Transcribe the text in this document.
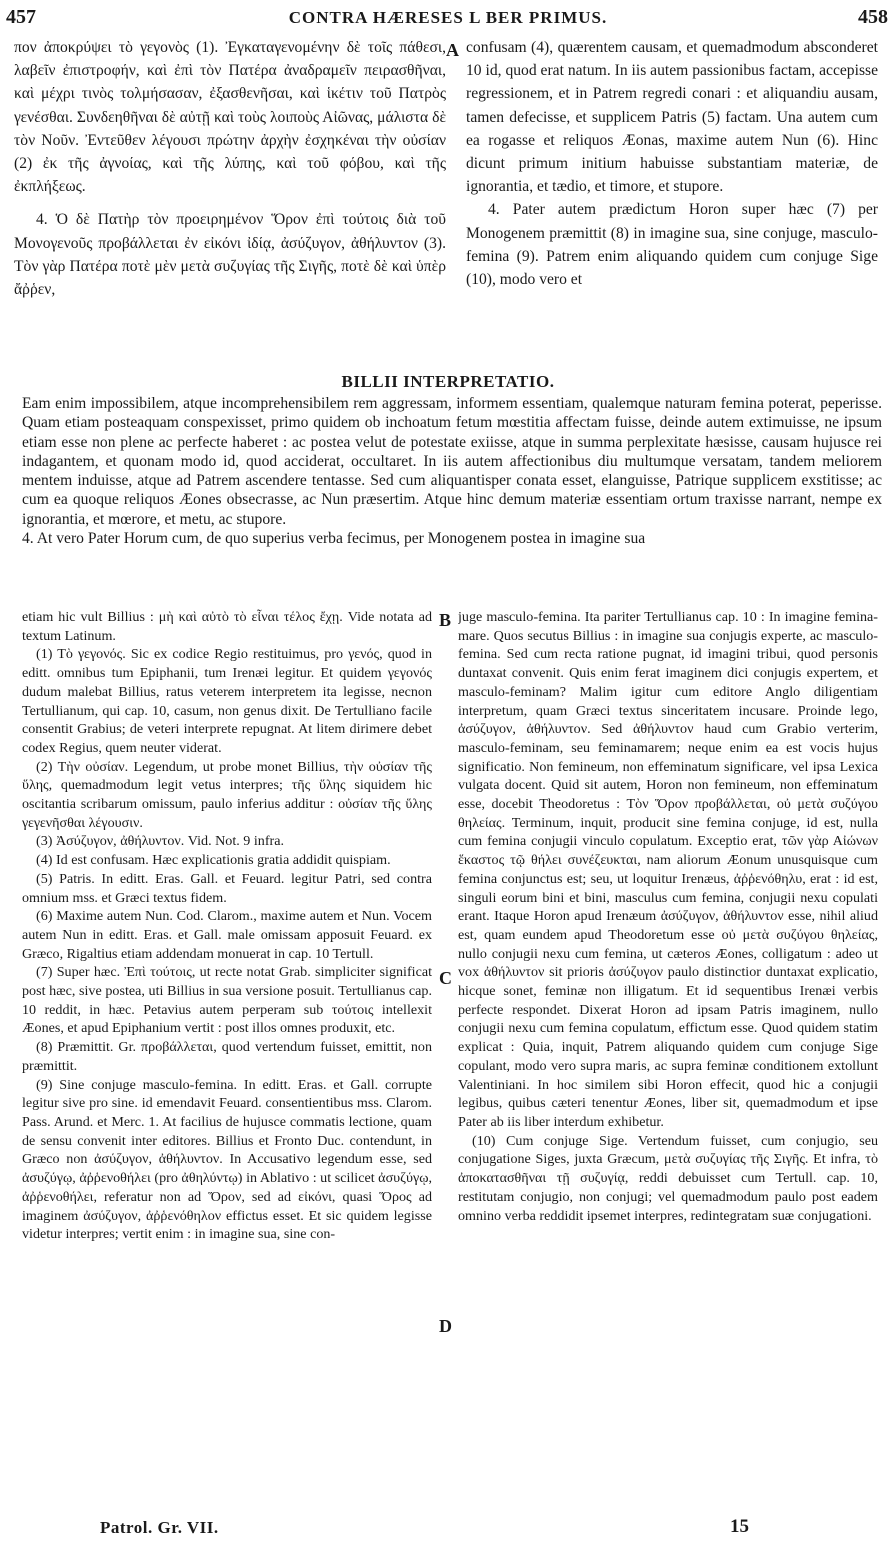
457	CONTRA HÆRESES L BER PRIMUS.	458

πον ἀποκρύψει τὸ γεγονὸς (1). Ἐγκαταγενομένην δὲ τοῖς πάθεσι, λαβεῖν ἐπιστροφήν, καὶ ἐπὶ τὸν Πατέρα ἀναδραμεῖν πειρασθῆναι, καὶ μέχρι τινὸς τολμήσασαν, ἐξασθενῆσαι, καὶ ἱκέτιν τοῦ Πατρὸς γενέσθαι. Συνδεηθῆναι δὲ αὐτῇ καὶ τοὺς λοιποὺς Αἰῶνας, μάλιστα δὲ τὸν Νοῦν. Ἐντεῦθεν λέγουσι πρώτην ἀρχὴν ἐσχηκέναι τὴν οὐσίαν (2) ἐκ τῆς ἀγνοίας, καὶ τῆς λύπης, καὶ τοῦ φόβου, καὶ τῆς ἐκπλήξεως.

4. Ὁ δὲ Πατὴρ τὸν προειρημένον Ὅρον ἐπὶ τούτοις διὰ τοῦ Μονογενοῦς προβάλλεται ἐν εἰκόνι ἰδίᾳ, ἀσύζυγον, ἀθήλυντον (3). Τὸν γὰρ Πατέρα ποτὲ μὲν μετὰ συζυγίας τῆς Σιγῆς, ποτὲ δὲ καὶ ὑπὲρ ἄῤῥεν,

A confusam (4), quærentem causam, et quemadmodum absconderet 10 id, quod erat natum. In iis autem passionibus factam, accepisse regressionem, et in Patrem regredi conari : et aliquandiu ausam, tamen defecisse, et supplicem Patris (5) factam. Una autem cum ea rogasse et reliquos Æonas, maxime autem Nun (6). Hinc dicunt primum initium habuisse substantiam materiæ, de ignorantia, et tædio, et timore, et stupore.

4. Pater autem prædictum Horon super hæc (7) per Monogenem præmittit (8) in imagine sua, sine conjuge, masculo-femina (9). Patrem enim aliquando quidem cum conjuge Sige (10), modo vero et

BILLII INTERPRETATIO.

Eam enim impossibilem, atque incomprehensibilem rem aggressam, informem essentiam, qualemque naturam femina poterat, peperisse. Quam etiam posteaquam conspexisset, primo quidem ob inchoatum fetum mœstitia affectam fuisse, deinde autem extimuisse, ne ipsum etiam esse non plene ac perfecte haberet : ac postea velut de potestate exiisse, atque in summa perplexitate hæsisse, causam hujusce rei indagantem, et quonam modo id, quod acciderat, occultaret. In iis autem affectionibus diu multumque versatam, tandem meliorem mentem induisse, atque ad Patrem ascendere tentasse. Sed cum aliquantisper conata esset, elanguisse, Patrique supplicem exstitisse; ac cum ea quoque reliquos Æones obsecrasse, ac Nun præsertim. Atque hinc demum materiæ essentiam ortum traxisse narrant, nempe ex ignorantia, et mœrore, et metu, ac stupore.

4. At vero Pater Horum cum, de quo superius verba fecimus, per Monogenem postea in imagine sua

etiam hic vult Billius : μὴ καὶ αὐτὸ τὸ εἶναι τέλος ἔχῃ. Vide notata ad textum Latinum.

(1) Τὸ γεγονός. Sic ex codice Regio restituimus, pro γενός, quod in editt. omnibus tum Epiphanii, tum Irenæi legitur. Et quidem γεγονός dudum malebat Billius, ratus veterem interpretem ita legisse, necnon Tertullianum, qui cap. 10, casum, non genus dixit. De Tertulliano facile consentit Grabius; de veteri interprete repugnat. At litem dirimere debet codex Regius, quem neuter viderat.

(2) Τὴν οὐσίαν. Legendum, ut probe monet Billius, τὴν οὐσίαν τῆς ὕλης, quemadmodum legit vetus interpres; τῆς ὕλης siquidem hic oscitantia scribarum omissum, paulo inferius additur : οὐσίαν τῆς ὕλης γεγενῆσθαι λέγουσιν.

(3) Ἀσύζυγον, ἀθήλυντον. Vid. Not. 9 infra.

(4) Id est confusam. Hæc explicationis gratia addidit quispiam.

(5) Patris. In editt. Eras. Gall. et Feuard. legitur Patri, sed contra omnium mss. et Græci textus fidem.

(6) Maxime autem Nun. Cod. Clarom., maxime autem et Nun. Vocem autem Nun in editt. Eras. et Gall. male omissam apposuit Feuard. ex Græco, Rigaltius etiam addendam monuerat in cap. 10 Tertull.

(7) Super hæc. Ἐπὶ τούτοις, ut recte notat Grab. simpliciter significat post hæc, sive postea, uti Billius in sua versione posuit. Tertullianus cap. 10 reddit, in hæc. Petavius autem perperam sub τούτοις intellexit Æones, et apud Epiphanium vertit : post illos omnes produxit, etc.

(8) Præmittit. Gr. προβάλλεται, quod vertendum fuisset, emittit, non præmittit.

(9) Sine conjuge masculo-femina. In editt. Eras. et Gall. corrupte legitur sive pro sine. id emendavit Feuard. consentientibus mss. Clarom. Pass. Arund. et Merc. 1. At facilius de hujusce commatis lectione, quam de sensu convenit inter editores. Billius et Fronto Duc. contendunt, in Græco non ἀσύζυγον, ἀθήλυντον. In Accusativo legendum esse, sed ἀσυζύγῳ, ἀῤῥενοθήλει (pro ἀθηλύντῳ) in Ablativo : ut scilicet ἀσυζύγῳ, ἀῤῥενοθήλει, referatur non ad Ὅρον, sed ad εἰκόνι, quasi Ὅρος ad imaginem ἀσύζυγον, ἀῤῥενόθηλον effictus esset. Et sic quidem legisse videtur interpres; vertit enim : in imagine sua, sine con-

B
C
D

juge masculo-femina. Ita pariter Tertullianus cap. 10 : In imagine femina-mare. Quos secutus Billius : in imagine sua conjugis experte, ac masculo-femina. Sed cum recta ratione pugnat, id imagini tribui, quod personis duntaxat convenit. Quis enim ferat imaginem dici conjugis expertem, et masculo-feminam? Malim igitur cum editore Anglo diligentiam interpretum, quam Græci textus sinceritatem incusare. Proinde lego, ἀσύζυγον, ἀθήλυντον. Sed ἀθήλυντον haud cum Grabio verterim, masculo-feminam, seu feminamarem; neque enim ea est vocis hujus significatio. Non femineum, non effeminatum significare, vel ipsa Lexica vulgata docent. Quid sit autem, Horon non femineum, non effeminatum esse, docebit Theodoretus : Τὸν Ὅρον προβάλλεται, οὐ μετὰ συζύγου θηλείας. Terminum, inquit, producit sine femina conjuge, id est, nulla cum femina conjugii vinculo copulatum. Exceptio erat, τῶν γὰρ Αἰώνων ἕκαστος τῷ θήλει συνέζευκται, nam aliorum Æonum unusquisque cum femina conjunctus est; seu, ut loquitur Irenæus, ἀῤῥενόθηλυ, erat : id est, singuli eorum bini et bini, masculus cum femina, conjugii nexu copulati erant. Itaque Horon apud Irenæum ἀσύζυγον, ἀθήλυντον esse, nihil aliud est, quam eundem apud Theodoretum esse οὐ μετὰ συζύγου θηλείας, nullo conjugii nexu cum femina, ut cæteros Æones, colligatum : adeo ut vox ἀθήλυντον sit prioris ἀσύζυγον paulo distinctior duntaxat explicatio, hicque sonet, feminæ non illigatum. Et id sequentibus Irenæi verbis perfecte respondet. Dixerat Horon ad ipsam Patris imaginem, nullo conjugii nexu cum femina copulatum, effictum esse. Quod quidem statim explicat : Quia, inquit, Patrem aliquando quidem cum conjuge Sige copulant, modo vero supra maris, ac supra feminæ conditionem extollunt Valentiniani. In hoc similem sibi Horon effecit, quod hic a conjugii legibus, quibus cæteri tenentur Æones, liber sit, quemadmodum et ipse Pater ab iis liber interdum exhibetur.

(10) Cum conjuge Sige. Vertendum fuisset, cum conjugio, seu conjugatione Siges, juxta Græcum, μετὰ συζυγίας τῆς Σιγῆς. Et infra, τὸ ἀποκατασθῆναι τῇ συζυγίᾳ, reddi debuisset cum Tertull. cap. 10, restitutam conjugio, non conjugi; vel quemadmodum paulo post eadem omnino verba reddidit ipsemet interpres, redintegratam suæ conjugationi.

Patrol. Gr. VII.	15
